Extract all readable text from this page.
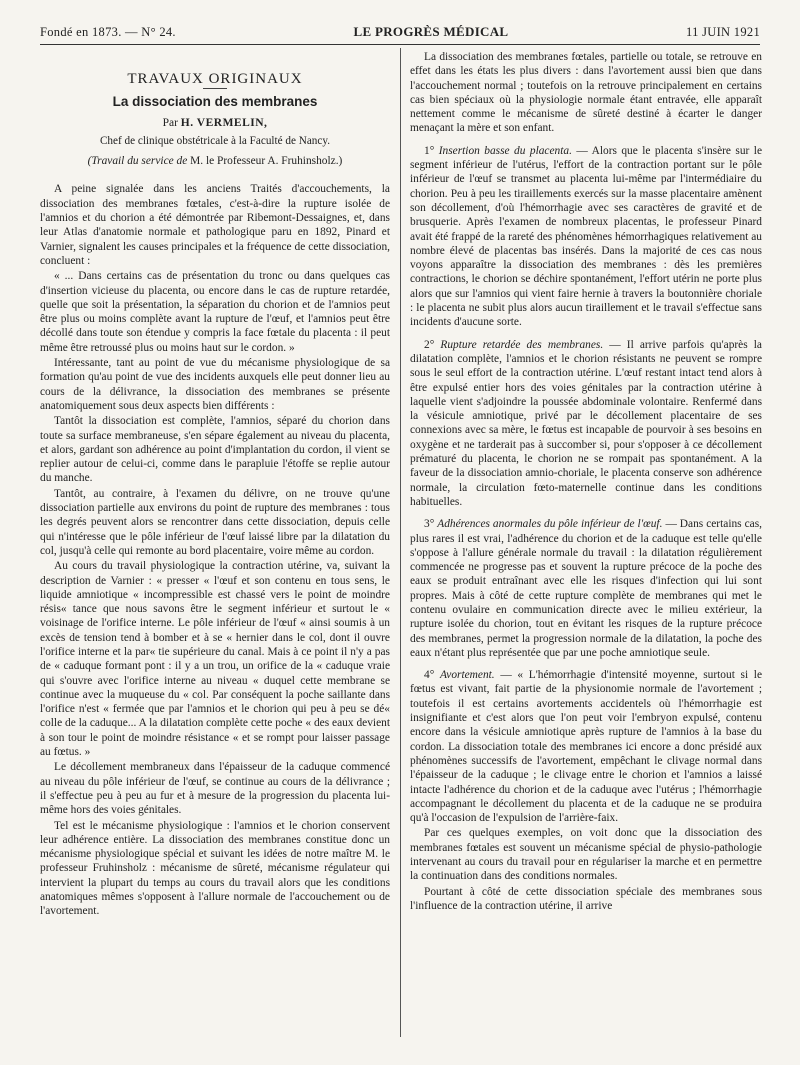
Fondé en 1873. — N° 24.	LE PROGRÈS MÉDICAL	11 JUIN 1921
TRAVAUX ORIGINAUX
La dissociation des membranes
Par H. VERMELIN,
Chef de clinique obstétricale à la Faculté de Nancy.
(Travail du service de M. le Professeur A. Fruhinsholz.)

A peine signalée dans les anciens Traités d'accouchements, la dissociation des membranes fœtales, c'est-à-dire la rupture isolée de l'amnios et du chorion a été démontrée par Ribemont-Dessaignes, et, dans leur Atlas d'anatomie normale et pathologique paru en 1892, Pinard et Varnier, signalent les causes principales et la fréquence de cette dissociation, concluent :

« ... Dans certains cas de présentation du tronc ou dans quelques cas d'insertion vicieuse du placenta, ou encore dans le cas de rupture retardée, quelle que soit la présentation, la séparation du chorion et de l'amnios peut être plus ou moins complète avant la rupture de l'œuf, et l'amnios peut être décollé dans toute son étendue y compris la face fœtale du placenta : il peut même être retroussé plus ou moins haut sur le cordon. »

Intéressante, tant au point de vue du mécanisme physiologique de sa formation qu'au point de vue des incidents auxquels elle peut donner lieu au cours de la délivrance, la dissociation des membranes se présente anatomiquement sous deux aspects bien différents :

Tantôt la dissociation est complète, l'amnios, séparé du chorion dans toute sa surface membraneuse, s'en sépare également au niveau du placenta, et alors, gardant son adhérence au point d'implantation du cordon, il vient se replier autour de celui-ci, comme dans le parapluie l'étoffe se replie autour du manche.

Tantôt, au contraire, à l'examen du délivre, on ne trouve qu'une dissociation partielle aux environs du point de rupture des membranes : tous les degrés peuvent alors se rencontrer dans cette dissociation, depuis celle qui n'intéresse que le pôle inférieur de l'œuf laissé libre par la dilatation du col, jusqu'à celle qui remonte au bord placentaire, voire même au cordon.

Au cours du travail physiologique la contraction utérine, va, suivant la description de Varnier : « presser « l'œuf et son contenu en tous sens, le liquide amniotique « incompressible est chassé vers le point de moindre résis« tance que nous savons être le segment inférieur et surtout le « voisinage de l'orifice interne. Le pôle inférieur de l'œuf « ainsi soumis à un excès de tension tend à bomber et à se « hernier dans le col, dont il ouvre l'orifice interne et la par« tie supérieure du canal. Mais à ce point il n'y a pas de « caduque formant pont : il y a un trou, un orifice de la « caduque vraie qui s'ouvre avec l'orifice interne au niveau « duquel cette membrane se continue avec la muqueuse du « col. Par conséquent la poche saillante dans l'orifice n'est « fermée que par l'amnios et le chorion qui peu à peu se dé« colle de la caduque... A la dilatation complète cette poche « des eaux devient à son tour le point de moindre résistance « et se rompt pour laisser passage au fœtus. »

Le décollement membraneux dans l'épaisseur de la caduque commencé au niveau du pôle inférieur de l'œuf, se continue au cours de la délivrance ; il s'effectue peu à peu au fur et à mesure de la progression du placenta lui-même hors des voies génitales.

Tel est le mécanisme physiologique : l'amnios et le chorion conservent leur adhérence entière. La dissociation des membranes constitue donc un mécanisme physiologique spécial et suivant les idées de notre maître M. le professeur Fruhinsholz : mécanisme de sûreté, mécanisme régulateur qui intervient la plupart du temps au cours du travail alors que les conditions anatomiques mêmes s'opposent à l'allure normale de l'accouchement ou de l'avortement.

La dissociation des membranes fœtales, partielle ou totale, se retrouve en effet dans les états les plus divers : dans l'avortement aussi bien que dans l'accouchement normal ; toutefois on la retrouve principalement en certains cas bien spéciaux où la physiologie normale étant entravée, elle apparaît nettement comme le mécanisme de sûreté destiné à écarter le danger menaçant la mère et son enfant.

1° Insertion basse du placenta. — Alors que le placenta s'insère sur le segment inférieur de l'utérus, l'effort de la contraction portant sur le pôle inférieur de l'œuf se transmet au placenta lui-même par l'intermédiaire du chorion. Peu à peu les tiraillements exercés sur la masse placentaire amènent son décollement, d'où l'hémorrhagie avec ses caractères de gravité et de brusquerie. Après l'examen de nombreux placentas, le professeur Pinard avait été frappé de la rareté des phénomènes hémorrhagiques relativement au nombre élevé de placentas bas insérés. Dans la majorité de ces cas nous voyons apparaître la dissociation des membranes : dès les premières contractions, le chorion se déchire spontanément, l'effort utérin ne porte plus alors que sur l'amnios qui vient faire hernie à travers la boutonnière choriale : le placenta ne subit plus alors aucun tiraillement et le travail s'effectue sans incidents d'aucune sorte.

2° Rupture retardée des membranes. — Il arrive parfois qu'après la dilatation complète, l'amnios et le chorion résistants ne peuvent se rompre sous le seul effort de la contraction utérine. L'œuf restant intact tend alors à être expulsé entier hors des voies génitales par la contraction utérine à laquelle vient s'adjoindre la poussée abdominale volontaire. Renfermé dans la vésicule amniotique, privé par le décollement placentaire de ses connexions avec sa mère, le fœtus est incapable de pourvoir à ses besoins en oxygène et ne tarderait pas à succomber si, pour s'opposer à ce décollement prématuré du placenta, le chorion ne se rompait pas spontanément. A la faveur de la dissociation amnio-choriale, le placenta conserve son adhérence normale, la circulation fœto-maternelle continue dans les conditions habituelles.

3° Adhérences anormales du pôle inférieur de l'œuf. — Dans certains cas, plus rares il est vrai, l'adhérence du chorion et de la caduque est telle qu'elle s'oppose à l'allure générale normale du travail : la dilatation régulièrement commencée ne progresse pas et souvent la rupture précoce de la poche des eaux se produit entraînant avec elle les risques d'infection qui lui sont propres. Mais à côté de cette rupture complète de membranes qui met le contenu ovulaire en communication directe avec le milieu extérieur, la rupture isolée du chorion, tout en évitant les risques de la rupture précoce des membranes, permet la progression normale de la dilatation, la poche des eaux n'étant plus représentée que par une poche amniotique seule.

4° Avortement. — « L'hémorrhagie d'intensité moyenne, surtout si le fœtus est vivant, fait partie de la physionomie normale de l'avortement ; toutefois il est certains avortements accidentels où l'hémorrhagie est insignifiante et c'est alors que l'on peut voir l'embryon expulsé, contenu encore dans la vésicule amniotique après rupture de l'amnios à la base du cordon. La dissociation totale des membranes ici encore a donc présidé aux phénomènes successifs de l'avortement, empêchant le clivage normal dans l'épaisseur de la caduque ; le clivage entre le chorion et l'amnios a laissé intacte l'adhérence du chorion et de la caduque avec l'utérus ; l'hémorrhagie accompagnant le décollement du placenta et de la caduque ne se produira qu'à l'occasion de l'expulsion de l'arrière-faix.

Par ces quelques exemples, on voit donc que la dissociation des membranes fœtales est souvent un mécanisme spécial de physio-pathologie intervenant au cours du travail pour en régulariser la marche et en permettre la continuation dans des conditions normales.

Pourtant à côté de cette dissociation spéciale des membranes sous l'influence de la contraction utérine, il arrive
